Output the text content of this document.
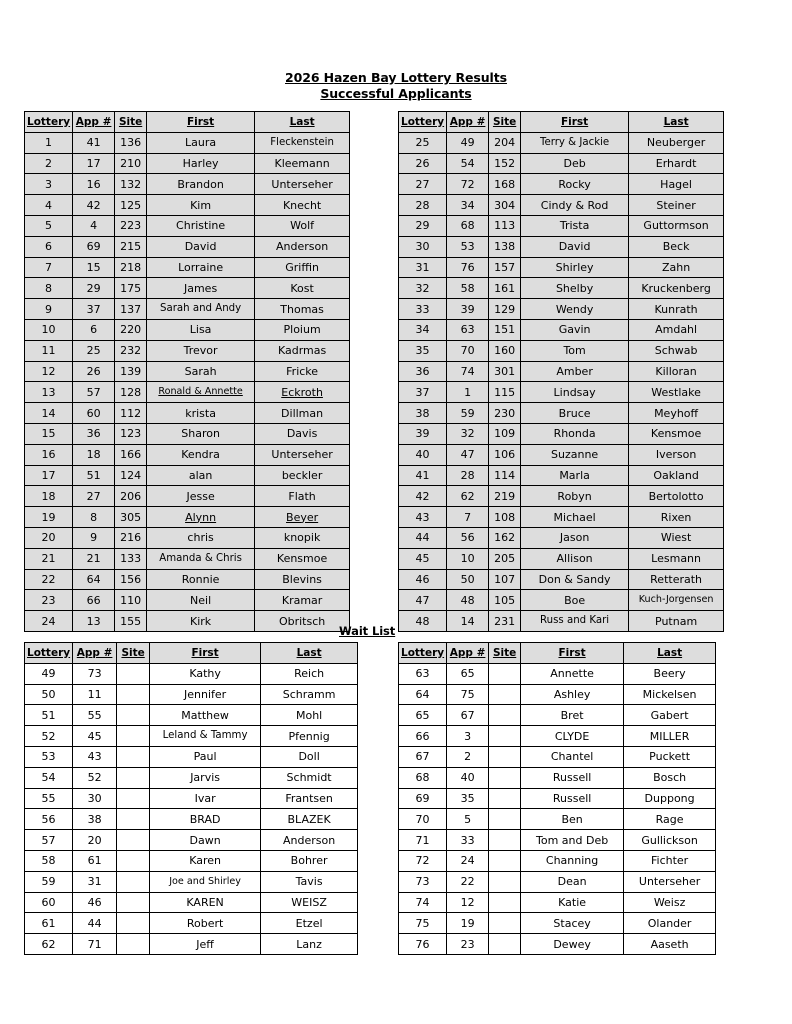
2026 Hazen Bay Lottery Results
Successful Applicants
Lottery	App #	Site	First	Last
1	41	136	Laura	Fleckenstein
2	17	210	Harley	Kleemann
3	16	132	Brandon	Unterseher
4	42	125	Kim	Knecht
5	4	223	Christine	Wolf
6	69	215	David	Anderson
7	15	218	Lorraine	Griffin
8	29	175	James	Kost
9	37	137	Sarah and Andy	Thomas
10	6	220	Lisa	Ploium
11	25	232	Trevor	Kadrmas
12	26	139	Sarah	Fricke
13	57	128	Ronald & Annette	Eckroth
14	60	112	krista	Dillman
15	36	123	Sharon	Davis
16	18	166	Kendra	Unterseher
17	51	124	alan	beckler
18	27	206	Jesse	Flath
19	8	305	Alynn	Beyer
20	9	216	chris	knopik
21	21	133	Amanda & Chris	Kensmoe
22	64	156	Ronnie	Blevins
23	66	110	Neil	Kramar
24	13	155	Kirk	Obritsch
Lottery	App #	Site	First	Last
25	49	204	Terry & Jackie	Neuberger
26	54	152	Deb	Erhardt
27	72	168	Rocky	Hagel
28	34	304	Cindy & Rod	Steiner
29	68	113	Trista	Guttormson
30	53	138	David	Beck
31	76	157	Shirley	Zahn
32	58	161	Shelby	Kruckenberg
33	39	129	Wendy	Kunrath
34	63	151	Gavin	Amdahl
35	70	160	Tom	Schwab
36	74	301	Amber	Killoran
37	1	115	Lindsay	Westlake
38	59	230	Bruce	Meyhoff
39	32	109	Rhonda	Kensmoe
40	47	106	Suzanne	Iverson
41	28	114	Marla	Oakland
42	62	219	Robyn	Bertolotto
43	7	108	Michael	Rixen
44	56	162	Jason	Wiest
45	10	205	Allison	Lesmann
46	50	107	Don & Sandy	Retterath
47	48	105	Boe	Kuch-Jorgensen
48	14	231	Russ and Kari	Putnam
Wait List
Lottery	App #	Site	First	Last
49	73		Kathy	Reich
50	11		Jennifer	Schramm
51	55		Matthew	Mohl
52	45		Leland & Tammy	Pfennig
53	43		Paul	Doll
54	52		Jarvis	Schmidt
55	30		Ivar	Frantsen
56	38		BRAD	BLAZEK
57	20		Dawn	Anderson
58	61		Karen	Bohrer
59	31		Joe and Shirley	Tavis
60	46		KAREN	WEISZ
61	44		Robert	Etzel
62	71		Jeff	Lanz
Lottery	App #	Site	First	Last
63	65		Annette	Beery
64	75		Ashley	Mickelsen
65	67		Bret	Gabert
66	3		CLYDE	MILLER
67	2		Chantel	Puckett
68	40		Russell	Bosch
69	35		Russell	Duppong
70	5		Ben	Rage
71	33		Tom and Deb	Gullickson
72	24		Channing	Fichter
73	22		Dean	Unterseher
74	12		Katie	Weisz
75	19		Stacey	Olander
76	23		Dewey	Aaseth
